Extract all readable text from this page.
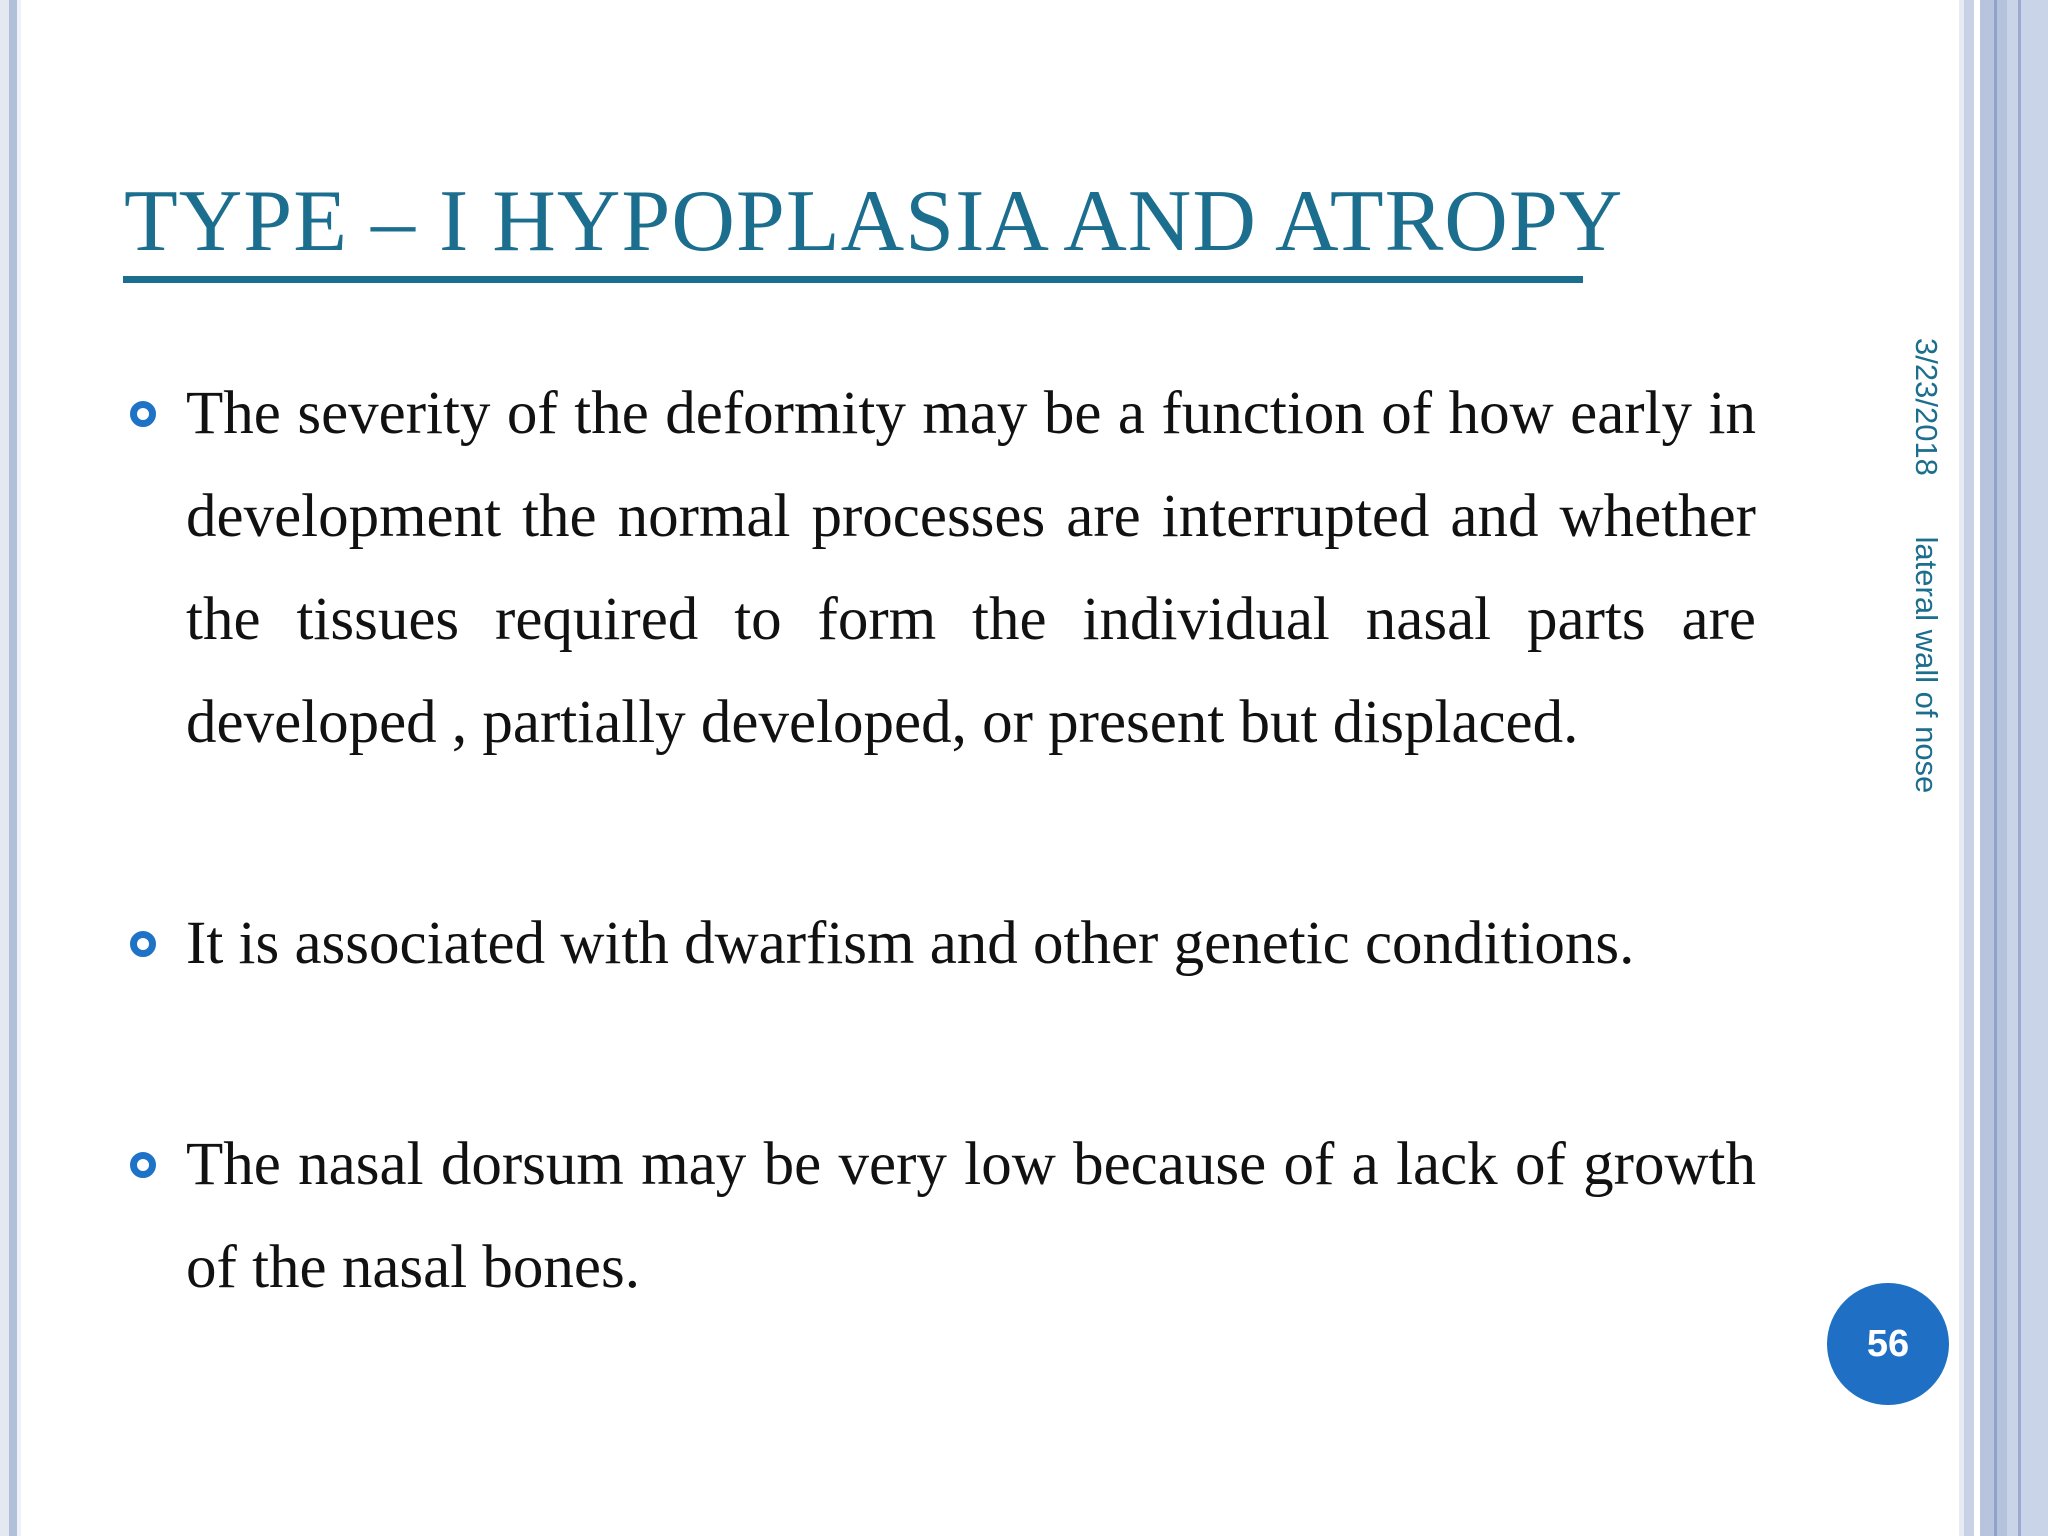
TYPE – I HYPOPLASIA AND ATROPY
The severity of the deformity may be a function of how early in development the normal processes are interrupted and whether the tissues required to form the individual nasal parts are developed , partially developed, or present but displaced.
It is associated with dwarfism and other genetic conditions.
The nasal dorsum may be very low because of a lack of growth of the nasal bones.
3/23/2018 lateral wall of nose
56
